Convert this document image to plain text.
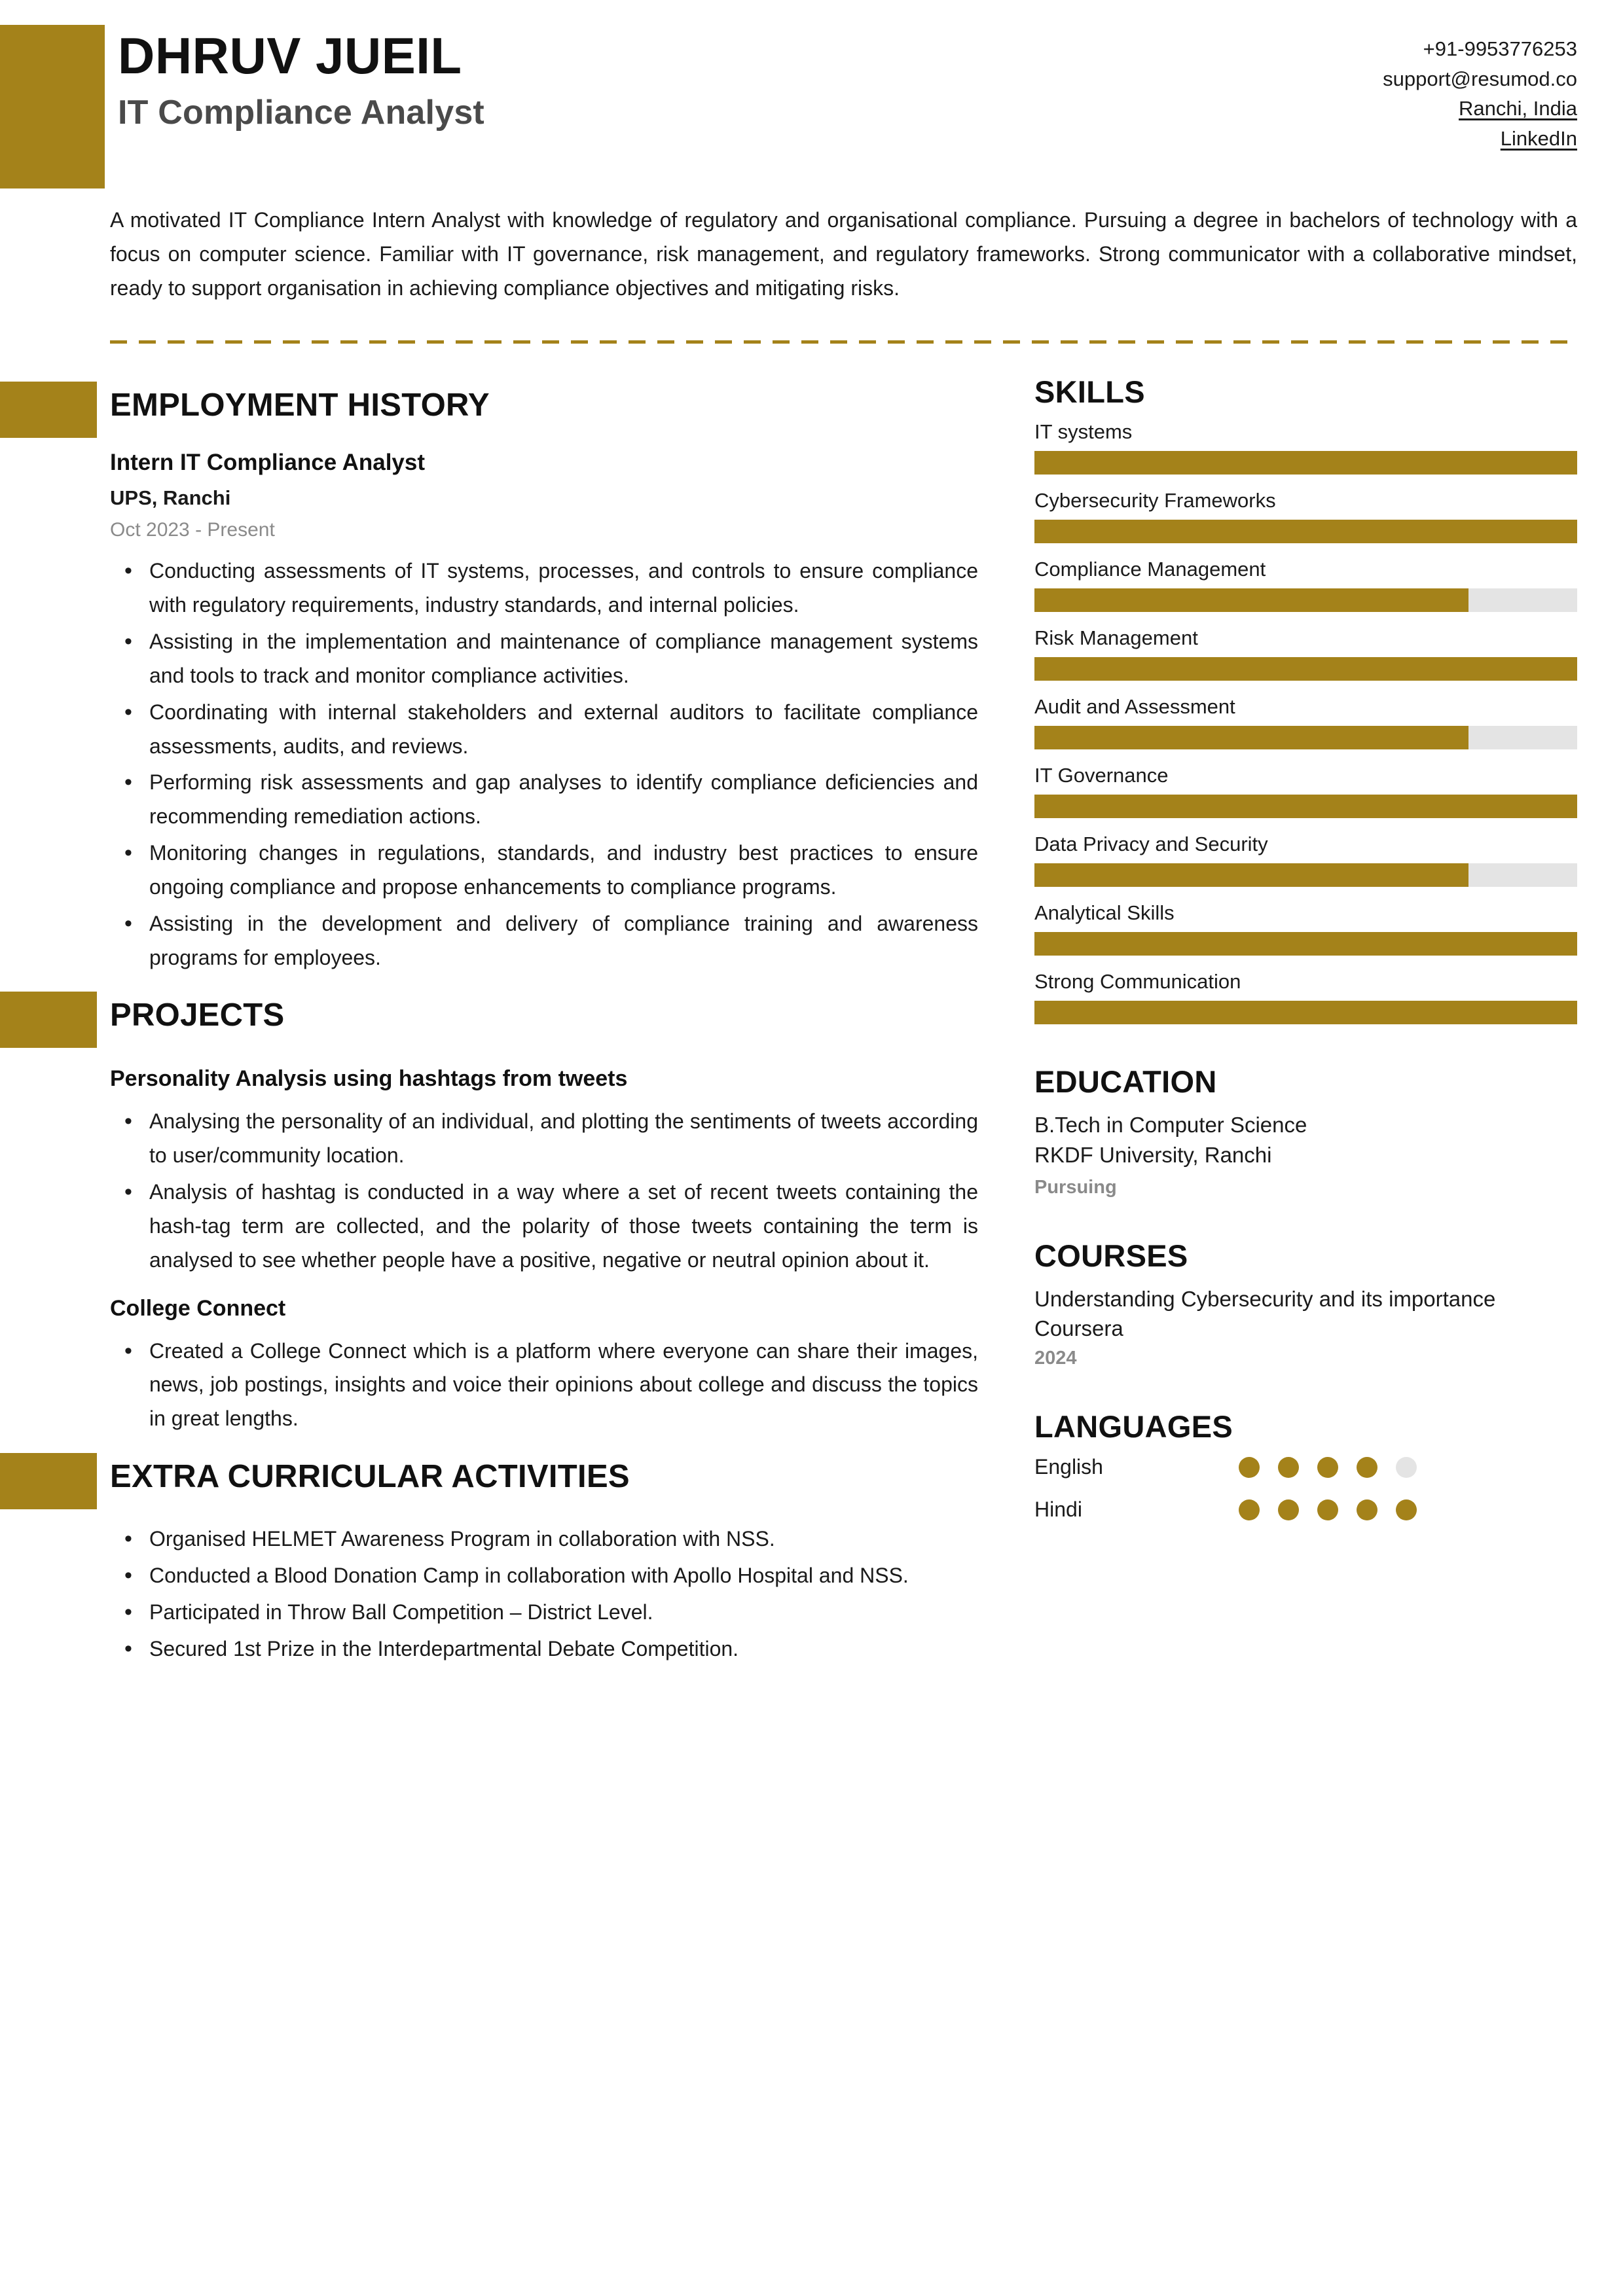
DHRUV JUEIL
IT Compliance Analyst
+91-9953776253
support@resumod.co
Ranchi, India
LinkedIn
A motivated IT Compliance Intern Analyst with knowledge of regulatory and organisational compliance. Pursuing a degree in bachelors of technology with a focus on computer science. Familiar with IT governance, risk management, and regulatory frameworks. Strong communicator with a collaborative mindset, ready to support organisation in achieving compliance objectives and mitigating risks.
EMPLOYMENT HISTORY
Intern IT Compliance Analyst
UPS, Ranchi
Oct 2023 - Present
• Conducting assessments of IT systems, processes, and controls to ensure compliance with regulatory requirements, industry standards, and internal policies.
• Assisting in the implementation and maintenance of compliance management systems and tools to track and monitor compliance activities.
• Coordinating with internal stakeholders and external auditors to facilitate compliance assessments, audits, and reviews.
• Performing risk assessments and gap analyses to identify compliance deficiencies and recommending remediation actions.
• Monitoring changes in regulations, standards, and industry best practices to ensure ongoing compliance and propose enhancements to compliance programs.
• Assisting in the development and delivery of compliance training and awareness programs for employees.
PROJECTS
Personality Analysis using hashtags from tweets
• Analysing the personality of an individual, and plotting the sentiments of tweets according to user/community location.
• Analysis of hashtag is conducted in a way where a set of recent tweets containing the hash-tag term are collected, and the polarity of those tweets containing the term is analysed to see whether people have a positive, negative or neutral opinion about it.
College Connect
• Created a College Connect which is a platform where everyone can share their images, news, job postings, insights and voice their opinions about college and discuss the topics in great lengths.
EXTRA CURRICULAR ACTIVITIES
• Organised HELMET Awareness Program in collaboration with NSS.
• Conducted a Blood Donation Camp in collaboration with Apollo Hospital and NSS.
• Participated in Throw Ball Competition – District Level.
• Secured 1st Prize in the Interdepartmental Debate Competition.
SKILLS
IT systems
Cybersecurity Frameworks
Compliance Management
Risk Management
Audit and Assessment
IT Governance
Data Privacy and Security
Analytical Skills
Strong Communication
EDUCATION
B.Tech in Computer Science
RKDF University, Ranchi
Pursuing
COURSES
Understanding Cybersecurity and its importance
Coursera
2024
LANGUAGES
English
Hindi
